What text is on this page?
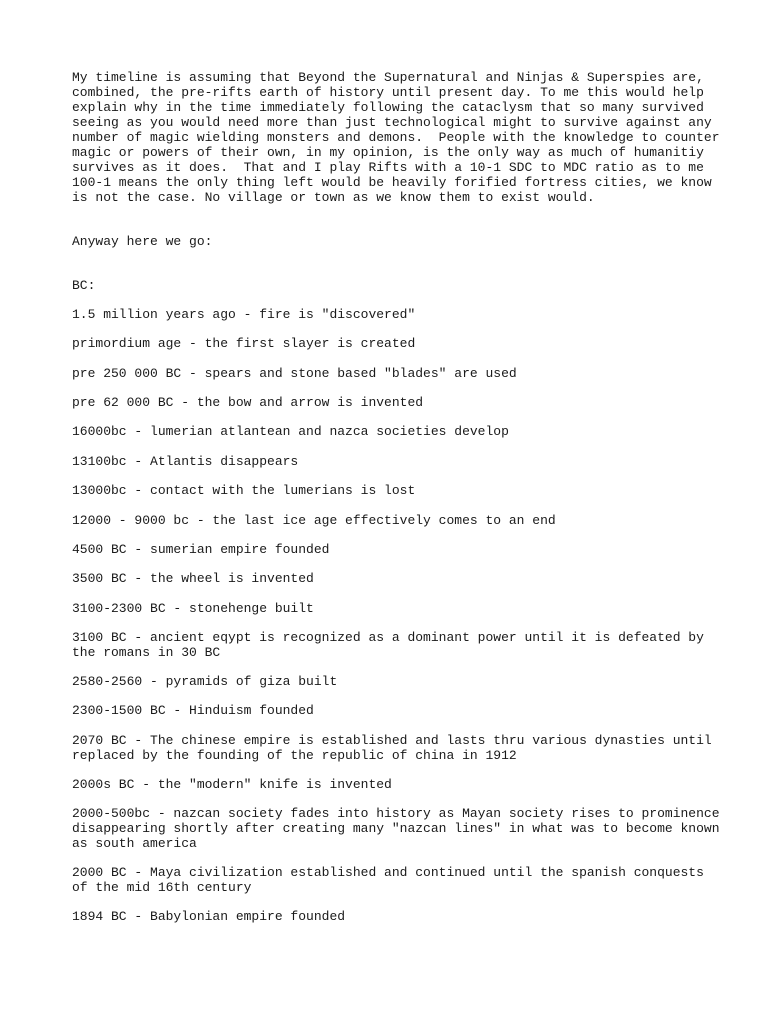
My timeline is assuming that Beyond the Supernatural and Ninjas & Superspies are,
combined, the pre-rifts earth of history until present day. To me this would help
explain why in the time immediately following the cataclysm that so many survived
seeing as you would need more than just technological might to survive against any
number of magic wielding monsters and demons.  People with the knowledge to counter
magic or powers of their own, in my opinion, is the only way as much of humanitiy
survives as it does.  That and I play Rifts with a 10-1 SDC to MDC ratio as to me
100-1 means the only thing left would be heavily forified fortress cities, we know
is not the case. No village or town as we know them to exist would.

Anyway here we go:

BC:

1.5 million years ago - fire is "discovered"

primordium age - the first slayer is created

pre 250 000 BC - spears and stone based "blades" are used

pre 62 000 BC - the bow and arrow is invented

16000bc - lumerian atlantean and nazca societies develop

13100bc - Atlantis disappears

13000bc - contact with the lumerians is lost

12000 - 9000 bc - the last ice age effectively comes to an end

4500 BC - sumerian empire founded

3500 BC - the wheel is invented

3100-2300 BC - stonehenge built

3100 BC - ancient eqypt is recognized as a dominant power until it is defeated by
the romans in 30 BC

2580-2560 - pyramids of giza built

2300-1500 BC - Hinduism founded

2070 BC - The chinese empire is established and lasts thru various dynasties until
replaced by the founding of the republic of china in 1912

2000s BC - the "modern" knife is invented

2000-500bc - nazcan society fades into history as Mayan society rises to prominence
disappearing shortly after creating many "nazcan lines" in what was to become known
as south america

2000 BC - Maya civilization established and continued until the spanish conquests
of the mid 16th century

1894 BC - Babylonian empire founded
